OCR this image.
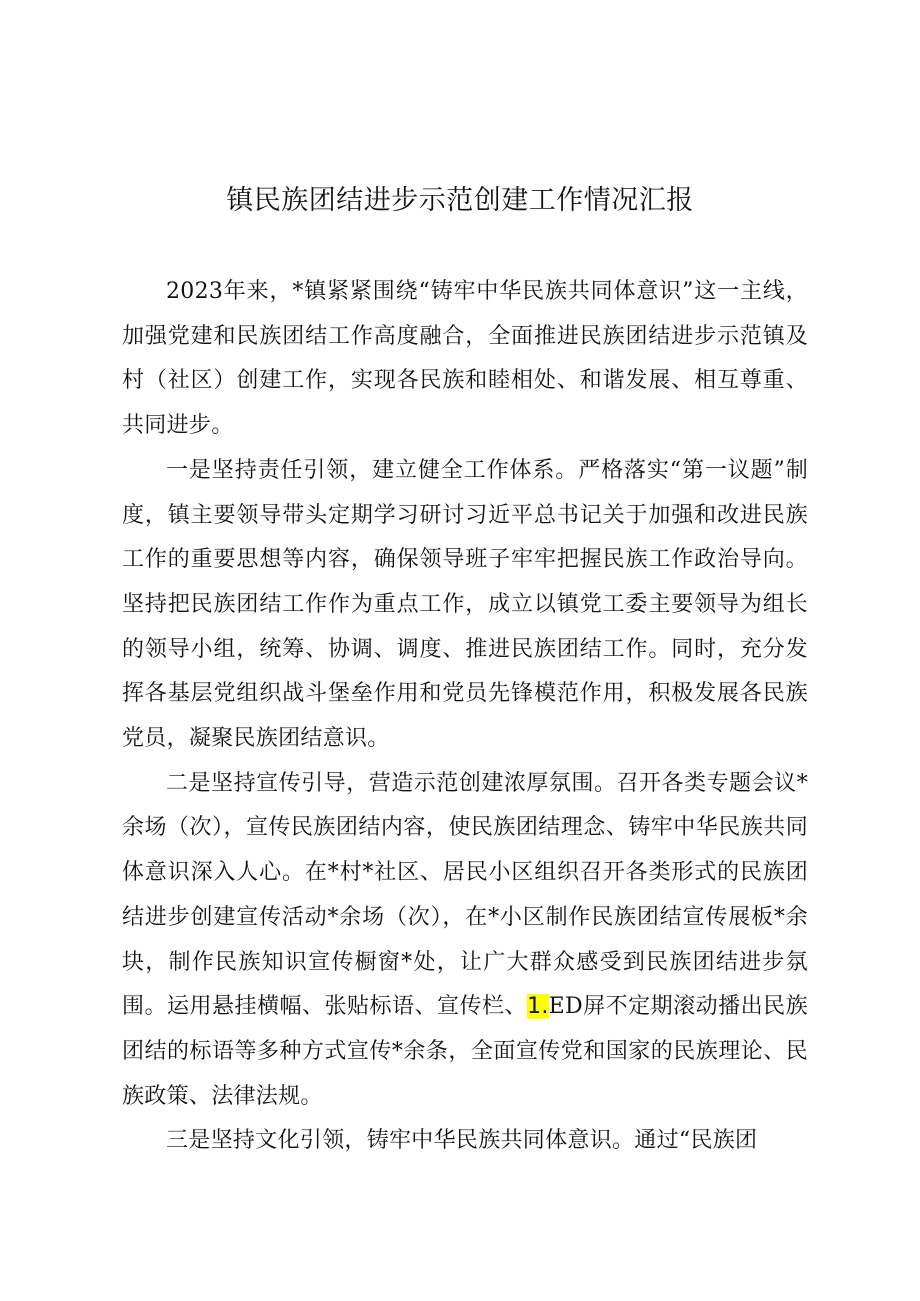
镇民族团结进步示范创建工作情况汇报

2023年来，*镇紧紧围绕“铸牢中华民族共同体意识”这一主线，加强党建和民族团结工作高度融合，全面推进民族团结进步示范镇及村（社区）创建工作，实现各民族和睦相处、和谐发展、相互尊重、共同进步。

一是坚持责任引领，建立健全工作体系。严格落实“第一议题”制度，镇主要领导带头定期学习研讨习近平总书记关于加强和改进民族工作的重要思想等内容，确保领导班子牢牢把握民族工作政治导向。坚持把民族团结工作作为重点工作，成立以镇党工委主要领导为组长的领导小组，统筹、协调、调度、推进民族团结工作。同时，充分发挥各基层党组织战斗堡垒作用和党员先锋模范作用，积极发展各民族党员，凝聚民族团结意识。

二是坚持宣传引导，营造示范创建浓厚氛围。召开各类专题会议*余场（次），宣传民族团结内容，使民族团结理念、铸牢中华民族共同体意识深入人心。在*村*社区、居民小区组织召开各类形式的民族团结进步创建宣传活动*余场（次），在*小区制作民族团结宣传展板*余块，制作民族知识宣传橱窗*处，让广大群众感受到民族团结进步氛围。运用悬挂横幅、张贴标语、宣传栏、1.ED屏不定期滚动播出民族团结的标语等多种方式宣传*余条，全面宣传党和国家的民族理论、民族政策、法律法规。

三是坚持文化引领，铸牢中华民族共同体意识。通过“民族团
